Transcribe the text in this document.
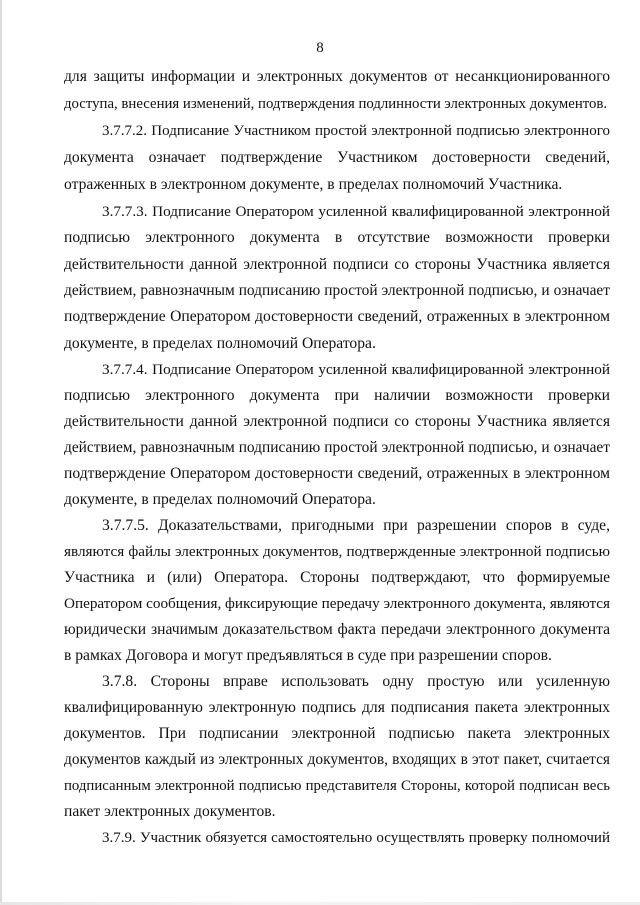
8
для защиты информации и электронных документов от несанкционированного
доступа, внесения изменений, подтверждения подлинности электронных документов.
3.7.7.2. Подписание Участником простой электронной подписью электронного
документа означает подтверждение Участником достоверности сведений,
отраженных в электронном документе, в пределах полномочий Участника.
3.7.7.3. Подписание Оператором усиленной квалифицированной электронной
подписью электронного документа в отсутствие возможности проверки
действительности данной электронной подписи со стороны Участника является
действием, равнозначным подписанию простой электронной подписью, и означает
подтверждение Оператором достоверности сведений, отраженных в электронном
документе, в пределах полномочий Оператора.
3.7.7.4. Подписание Оператором усиленной квалифицированной электронной
подписью электронного документа при наличии возможности проверки
действительности данной электронной подписи со стороны Участника является
действием, равнозначным подписанию простой электронной подписью, и означает
подтверждение Оператором достоверности сведений, отраженных в электронном
документе, в пределах полномочий Оператора.
3.7.7.5. Доказательствами, пригодными при разрешении споров в суде,
являются файлы электронных документов, подтвержденные электронной подписью
Участника и (или) Оператора. Стороны подтверждают, что формируемые
Оператором сообщения, фиксирующие передачу электронного документа, являются
юридически значимым доказательством факта передачи электронного документа
в рамках Договора и могут предъявляться в суде при разрешении споров.
3.7.8. Стороны вправе использовать одну простую или усиленную
квалифицированную электронную подпись для подписания пакета электронных
документов. При подписании электронной подписью пакета электронных
документов каждый из электронных документов, входящих в этот пакет, считается
подписанным электронной подписью представителя Стороны, которой подписан весь
пакет электронных документов.
3.7.9. Участник обязуется самостоятельно осуществлять проверку полномочий
